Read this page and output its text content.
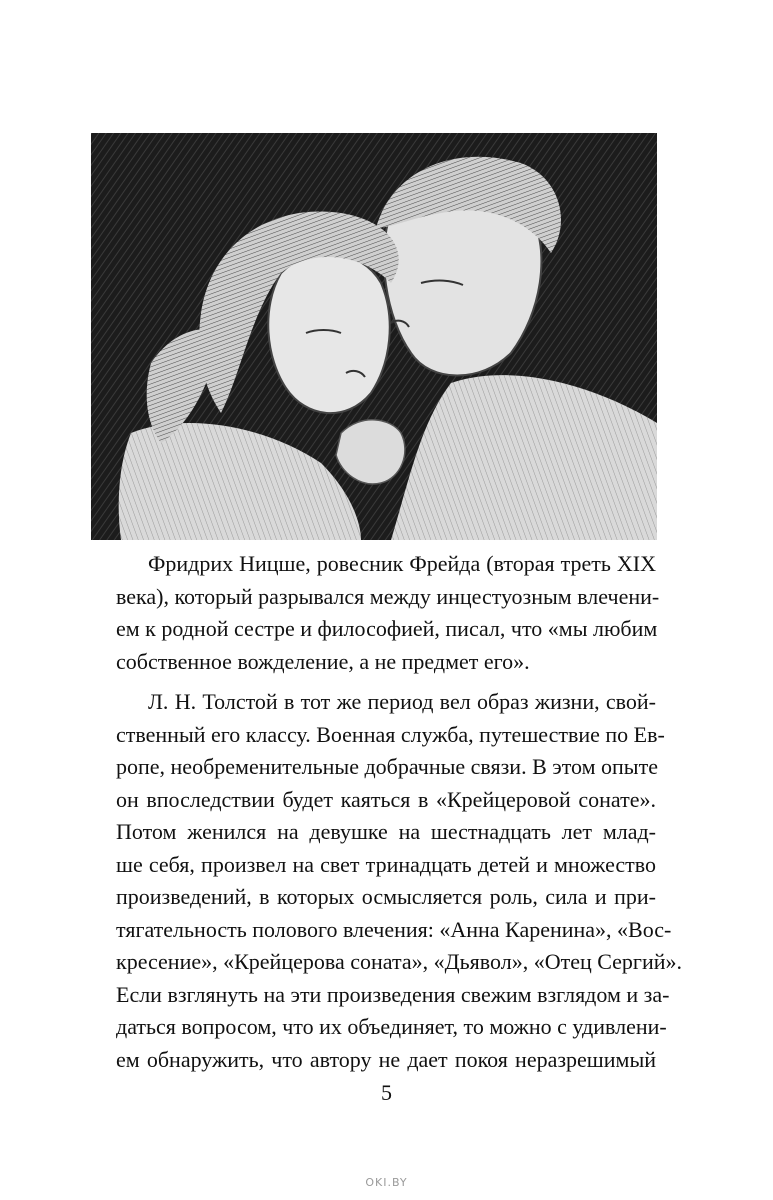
Фридрих Ницше, ровесник Фрейда (вторая треть XIX
века), который разрывался между инцестуозным влечени-
ем к родной сестре и философией, писал, что «мы любим
собственное вожделение, а не предмет его».
Л. Н. Толстой в тот же период вел образ жизни, свой-
ственный его классу. Военная служба, путешествие по Ев-
ропе, необременительные добрачные связи. В этом опыте
он впоследствии будет каяться в «Крейцеровой сонате».
Потом женился на девушке на шестнадцать лет млад-
ше себя, произвел на свет тринадцать детей и множество
произведений, в которых осмысляется роль, сила и при-
тягательность полового влечения: «Анна Каренина», «Вос-
кресение», «Крейцерова соната», «Дьявол», «Отец Сергий».
Если взглянуть на эти произведения свежим взглядом и за-
даться вопросом, что их объединяет, то можно с удивлени-
ем обнаружить, что автору не дает покоя неразрешимый
5
OKI.BY
